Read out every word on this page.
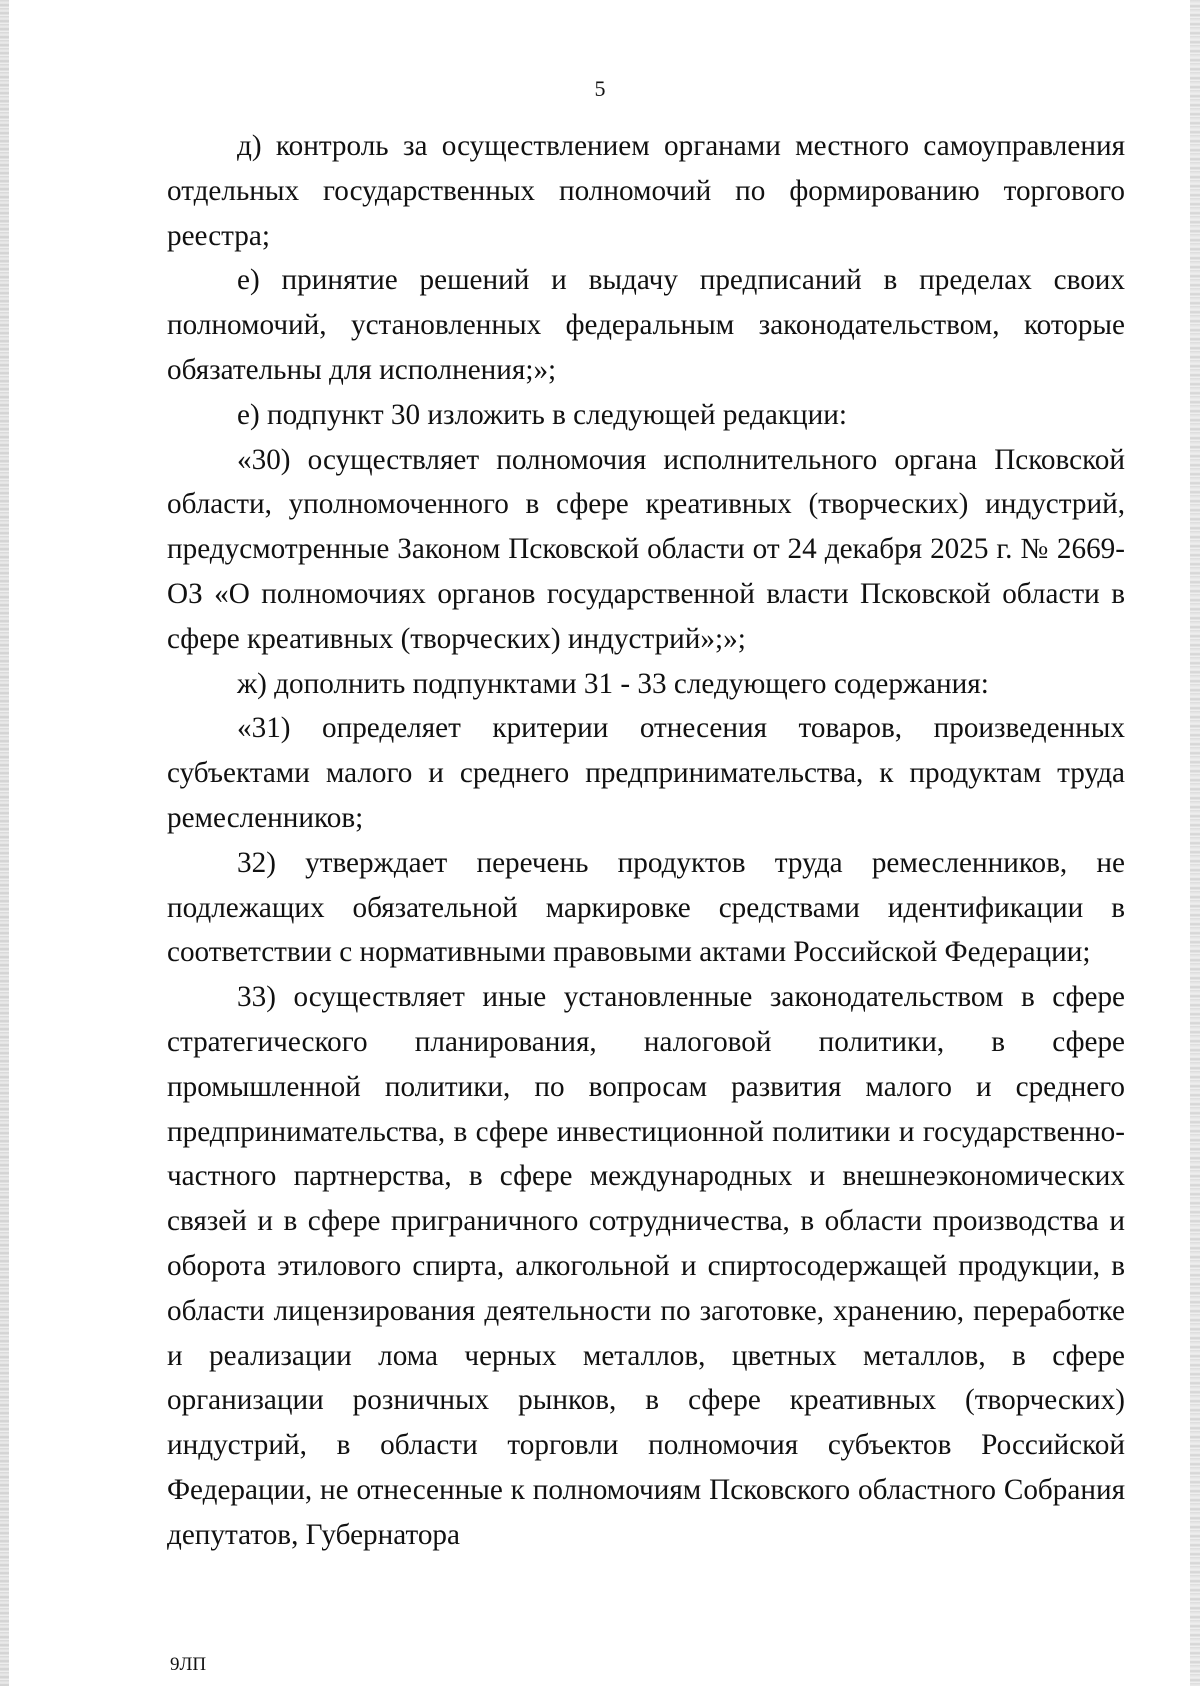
5

д) контроль за осуществлением органами местного самоуправления отдельных государственных полномочий по формированию торгового реестра;

е) принятие решений и выдачу предписаний в пределах своих полномочий, установленных федеральным законодательством, которые обязательны для исполнения;»;

е) подпункт 30 изложить в следующей редакции:

«30) осуществляет полномочия исполнительного органа Псковской области, уполномоченного в сфере креативных (творческих) индустрий, предусмотренные Законом Псковской области от 24 декабря 2025 г. № 2669-ОЗ «О полномочиях органов государственной власти Псковской области в сфере креативных (творческих) индустрий»;»;

ж) дополнить подпунктами 31 - 33 следующего содержания:

«31) определяет критерии отнесения товаров, произведенных субъектами малого и среднего предпринимательства, к продуктам труда ремесленников;

32) утверждает перечень продуктов труда ремесленников, не подлежащих обязательной маркировке средствами идентификации в соответствии с нормативными правовыми актами Российской Федерации;

33) осуществляет иные установленные законодательством в сфере стратегического планирования, налоговой политики, в сфере промышленной политики, по вопросам развития малого и среднего предпринимательства, в сфере инвестиционной политики и государственно-частного партнерства, в сфере международных и внешнеэкономических связей и в сфере приграничного сотрудничества, в области производства и оборота этилового спирта, алкогольной и спиртосодержащей продукции, в области лицензирования деятельности по заготовке, хранению, переработке и реализации лома черных металлов, цветных металлов, в сфере организации розничных рынков, в сфере креативных (творческих) индустрий, в области торговли полномочия субъектов Российской Федерации, не отнесенные к полномочиям Псковского областного Собрания депутатов, Губернатора

9ЛП
